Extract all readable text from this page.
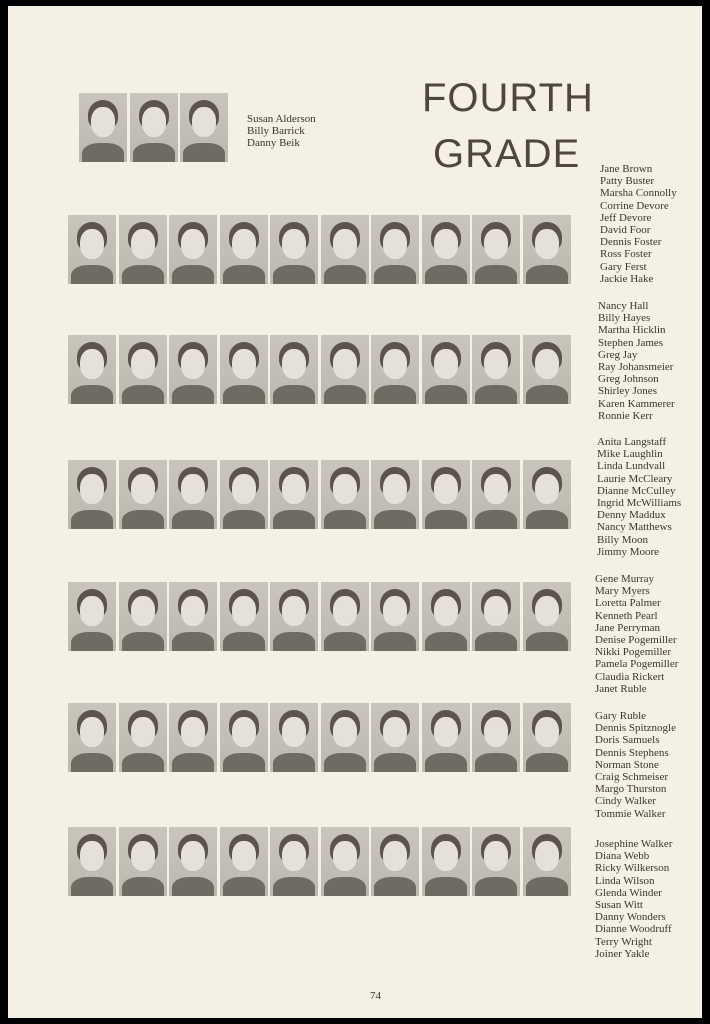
FOURTH
GRADE
Susan Alderson
Billy Barrick
Danny Beik
Jane Brown
Patty Buster
Marsha Connolly
Corrine Devore
Jeff Devore
David Foor
Dennis Foster
Ross Foster
Gary Ferst
Jackie Hake
Nancy Hall
Billy Hayes
Martha Hicklin
Stephen James
Greg Jay
Ray Johansmeier
Greg Johnson
Shirley Jones
Karen Kammerer
Ronnie Kerr
Anita Langstaff
Mike Laughlin
Linda Lundvall
Laurie McCleary
Dianne McCulley
Ingrid McWilliams
Denny Maddux
Nancy Matthews
Billy Moon
Jimmy Moore
Gene Murray
Mary Myers
Loretta Palmer
Kenneth Pearl
Jane Perryman
Denise Pogemiller
Nikki Pogemiller
Pamela Pogemiller
Claudia Rickert
Janet Ruble
Gary Ruble
Dennis Spitznogle
Doris Samuels
Dennis Stephens
Norman Stone
Craig Schmeiser
Margo Thurston
Cindy Walker
Tommie Walker
Josephine Walker
Diana Webb
Ricky Wilkerson
Linda Wilson
Glenda Winder
Susan Witt
Danny Wonders
Dianne Woodruff
Terry Wright
Joiner Yakle
74
